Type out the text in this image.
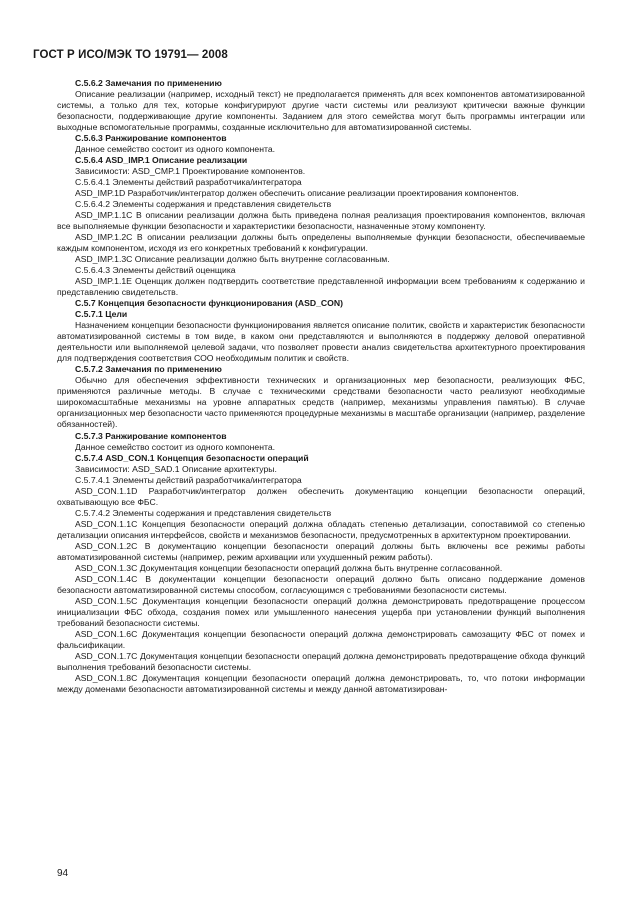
ГОСТ Р ИСО/МЭК ТО 19791— 2008

С.5.6.2 Замечания по применению

Описание реализации (например, исходный текст) не предполагается применять для всех компонентов автоматизированной системы, а только для тех, которые конфигурируют другие части системы или реализуют критически важные функции безопасности, поддерживающие другие компоненты. Заданием для этого семейства могут быть программы интеграции или выходные вспомогательные программы, созданные исключительно для автоматизированной системы.

С.5.6.3 Ранжирование компонентов

Данное семейство состоит из одного компонента.

С.5.6.4 ASD_IMP.1 Описание реализации

Зависимости: ASD_CMP.1 Проектирование компонентов.

С.5.6.4.1 Элементы действий разработчика/интегратора

ASD_IMP.1D Разработчик/интегратор должен обеспечить описание реализации проектирования компонентов.

С.5.6.4.2 Элементы содержания и представления свидетельств

ASD_IMP.1.1C В описании реализации должна быть приведена полная реализация проектирования компонентов, включая все выполняемые функции безопасности и характеристики безопасности, назначенные этому компоненту.

ASD_IMP.1.2C В описании реализации должны быть определены выполняемые функции безопасности, обеспечиваемые каждым компонентом, исходя из его конкретных требований к конфигурации.

ASD_IMP.1.3C Описание реализации должно быть внутренне согласованным.

С.5.6.4.3 Элементы действий оценщика

ASD_IMP.1.1E Оценщик должен подтвердить соответствие представленной информации всем требованиям к содержанию и представлению свидетельств.

С.5.7 Концепция безопасности функционирования (ASD_CON)

С.5.7.1 Цели

Назначением концепции безопасности функционирования является описание политик, свойств и характеристик безопасности автоматизированной системы в том виде, в каком они представляются и выполняются в поддержку деловой оперативной деятельности или выполняемой целевой задачи, что позволяет провести анализ свидетельства архитектурного проектирования для подтверждения соответствия СОО необходимым политик и свойств.

С.5.7.2 Замечания по применению

Обычно для обеспечения эффективности технических и организационных мер безопасности, реализующих ФБС, применяются различные методы. В случае с техническими средствами безопасности часто реализуют необходимые широкомасштабные механизмы на уровне аппаратных средств (например, механизмы управления памятью). В случае организационных мер безопасности часто применяются процедурные механизмы в масштабе организации (например, разделение обязанностей).

С.5.7.3 Ранжирование компонентов

Данное семейство состоит из одного компонента.

С.5.7.4 ASD_CON.1 Концепция безопасности операций

Зависимости: ASD_SAD.1 Описание архитектуры.

С.5.7.4.1 Элементы действий разработчика/интегратора

ASD_CON.1.1D Разработчик/интегратор должен обеспечить документацию концепции безопасности операций, охватывающую все ФБС.

С.5.7.4.2 Элементы содержания и представления свидетельств

ASD_CON.1.1C Концепция безопасности операций должна обладать степенью детализации, сопоставимой со степенью детализации описания интерфейсов, свойств и механизмов безопасности, предусмотренных в архитектурном проектировании.

ASD_CON.1.2C В документацию концепции безопасности операций должны быть включены все режимы работы автоматизированной системы (например, режим архивации или ухудшенный режим работы).

ASD_CON.1.3C Документация концепции безопасности операций должна быть внутренне согласованной.

ASD_CON.1.4C В документации концепции безопасности операций должно быть описано поддержание доменов безопасности автоматизированной системы способом, согласующимся с требованиями безопасности системы.

ASD_CON.1.5C Документация концепции безопасности операций должна демонстрировать предотвращение процессом инициализации ФБС обхода, создания помех или умышленного нанесения ущерба при установлении функций выполнения требований безопасности системы.

ASD_CON.1.6C Документация концепции безопасности операций должна демонстрировать самозащиту ФБС от помех и фальсификации.

ASD_CON.1.7C Документация концепции безопасности операций должна демонстрировать предотвращение обхода функций выполнения требований безопасности системы.

ASD_CON.1.8C Документация концепции безопасности операций должна демонстрировать, то, что потоки информации между доменами безопасности автоматизированной системы и между данной автоматизирован-

94
